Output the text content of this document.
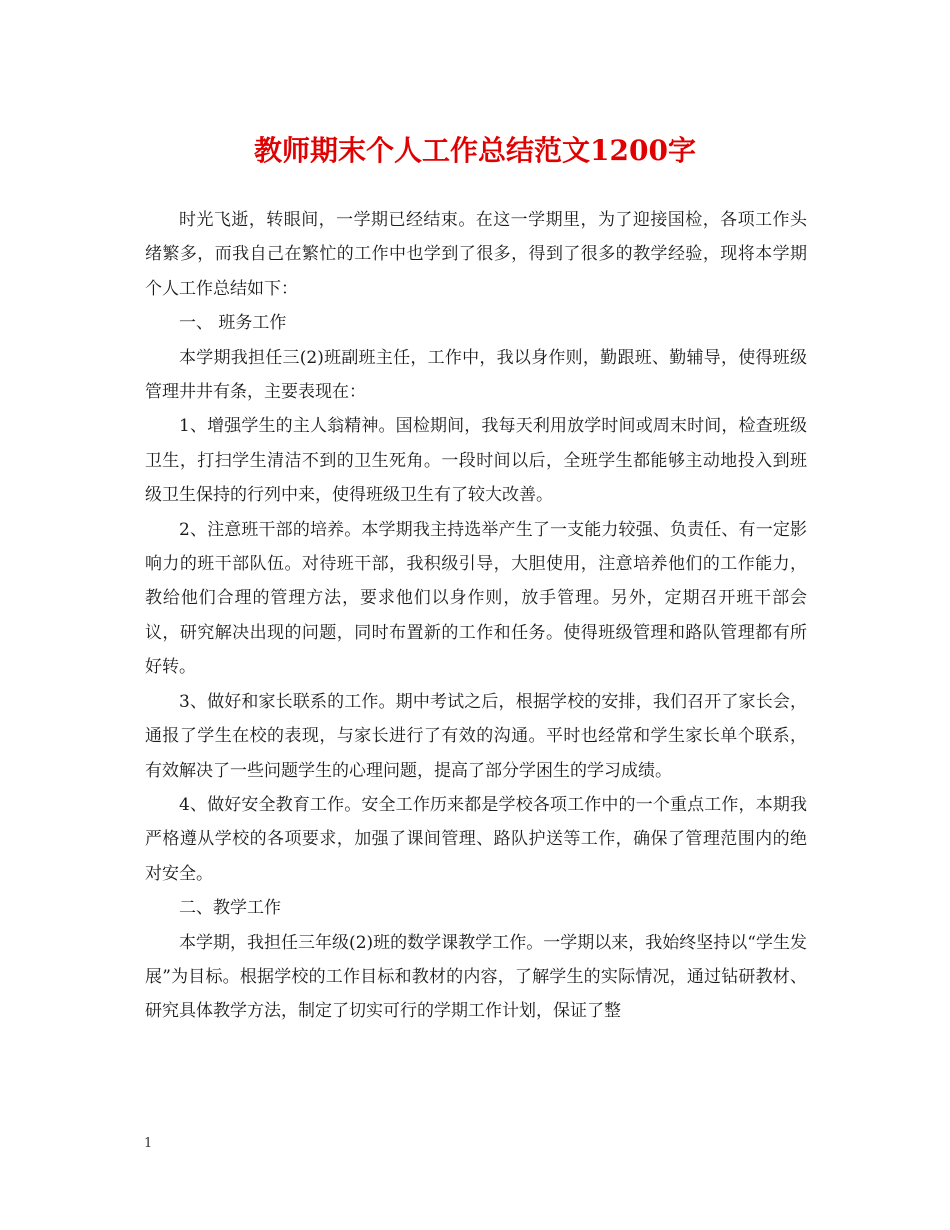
教师期末个人工作总结范文1200字

时光飞逝，转眼间，一学期已经结束。在这一学期里，为了迎接国检，各项工作头绪繁多，而我自己在繁忙的工作中也学到了很多，得到了很多的教学经验，现将本学期个人工作总结如下：

一、 班务工作

本学期我担任三(2)班副班主任，工作中，我以身作则，勤跟班、勤辅导，使得班级管理井井有条，主要表现在：

1、增强学生的主人翁精神。国检期间，我每天利用放学时间或周末时间，检查班级卫生，打扫学生清洁不到的卫生死角。一段时间以后，全班学生都能够主动地投入到班级卫生保持的行列中来，使得班级卫生有了较大改善。

2、注意班干部的培养。本学期我主持选举产生了一支能力较强、负责任、有一定影响力的班干部队伍。对待班干部，我积级引导，大胆使用，注意培养他们的工作能力，教给他们合理的管理方法，要求他们以身作则，放手管理。另外，定期召开班干部会议，研究解决出现的问题，同时布置新的工作和任务。使得班级管理和路队管理都有所好转。

3、做好和家长联系的工作。期中考试之后，根据学校的安排，我们召开了家长会，通报了学生在校的表现，与家长进行了有效的沟通。平时也经常和学生家长单个联系，有效解决了一些问题学生的心理问题，提高了部分学困生的学习成绩。

4、做好安全教育工作。安全工作历来都是学校各项工作中的一个重点工作，本期我严格遵从学校的各项要求，加强了课间管理、路队护送等工作，确保了管理范围内的绝对安全。

二、教学工作

本学期，我担任三年级(2)班的数学课教学工作。一学期以来，我始终坚持以“学生发展”为目标。根据学校的工作目标和教材的内容，了解学生的实际情况，通过钻研教材、研究具体教学方法，制定了切实可行的学期工作计划，保证了整

1
